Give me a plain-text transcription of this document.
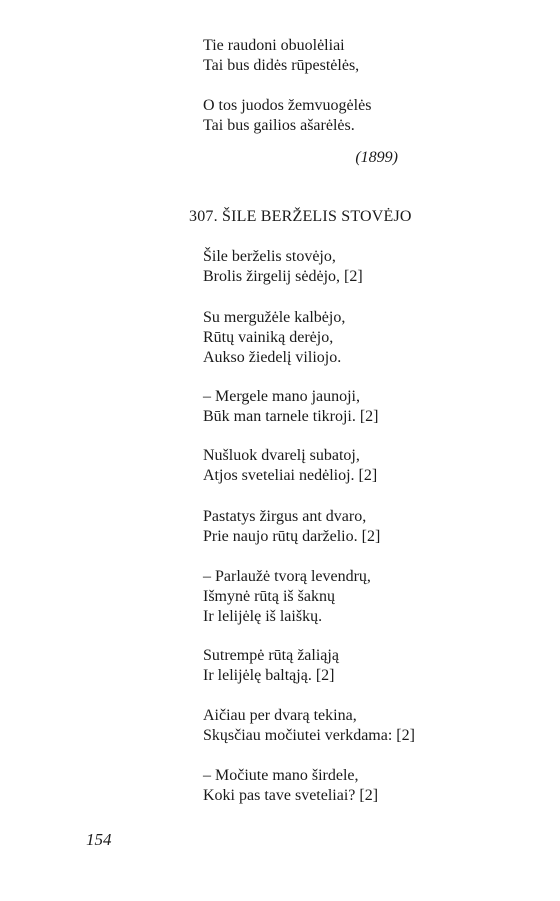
Tie raudoni obuolėliai
Tai bus didės rūpestėlės,
O tos juodos žemvuogėlės
Tai bus gailios ašarėlės.
(1899)
307. ŠILE BERŽELIS STOVĖJO
Šile berželis stovėjo,
Brolis žirgelij sėdėjo, [2]
Su mergužėle kalbėjo,
Rūtų vainiką derėjo,
Aukso žiedelį viliojo.
– Mergele mano jaunoji,
Būk man tarnele tikroji. [2]
Nušluok dvarelį subatoj,
Atjos sveteliai nedėlioj. [2]
Pastatys žirgus ant dvaro,
Prie naujo rūtų darželio. [2]
– Parlaužė tvorą levendrų,
Išmynė rūtą iš šaknų
Ir lelijėlę iš laiškų.
Sutrempė rūtą žaliąją
Ir lelijėlę baltąją. [2]
Aičiau per dvarą tekina,
Skųsčiau močiutei verkdama: [2]
– Močiute mano širdele,
Koki pas tave sveteliai? [2]
154
